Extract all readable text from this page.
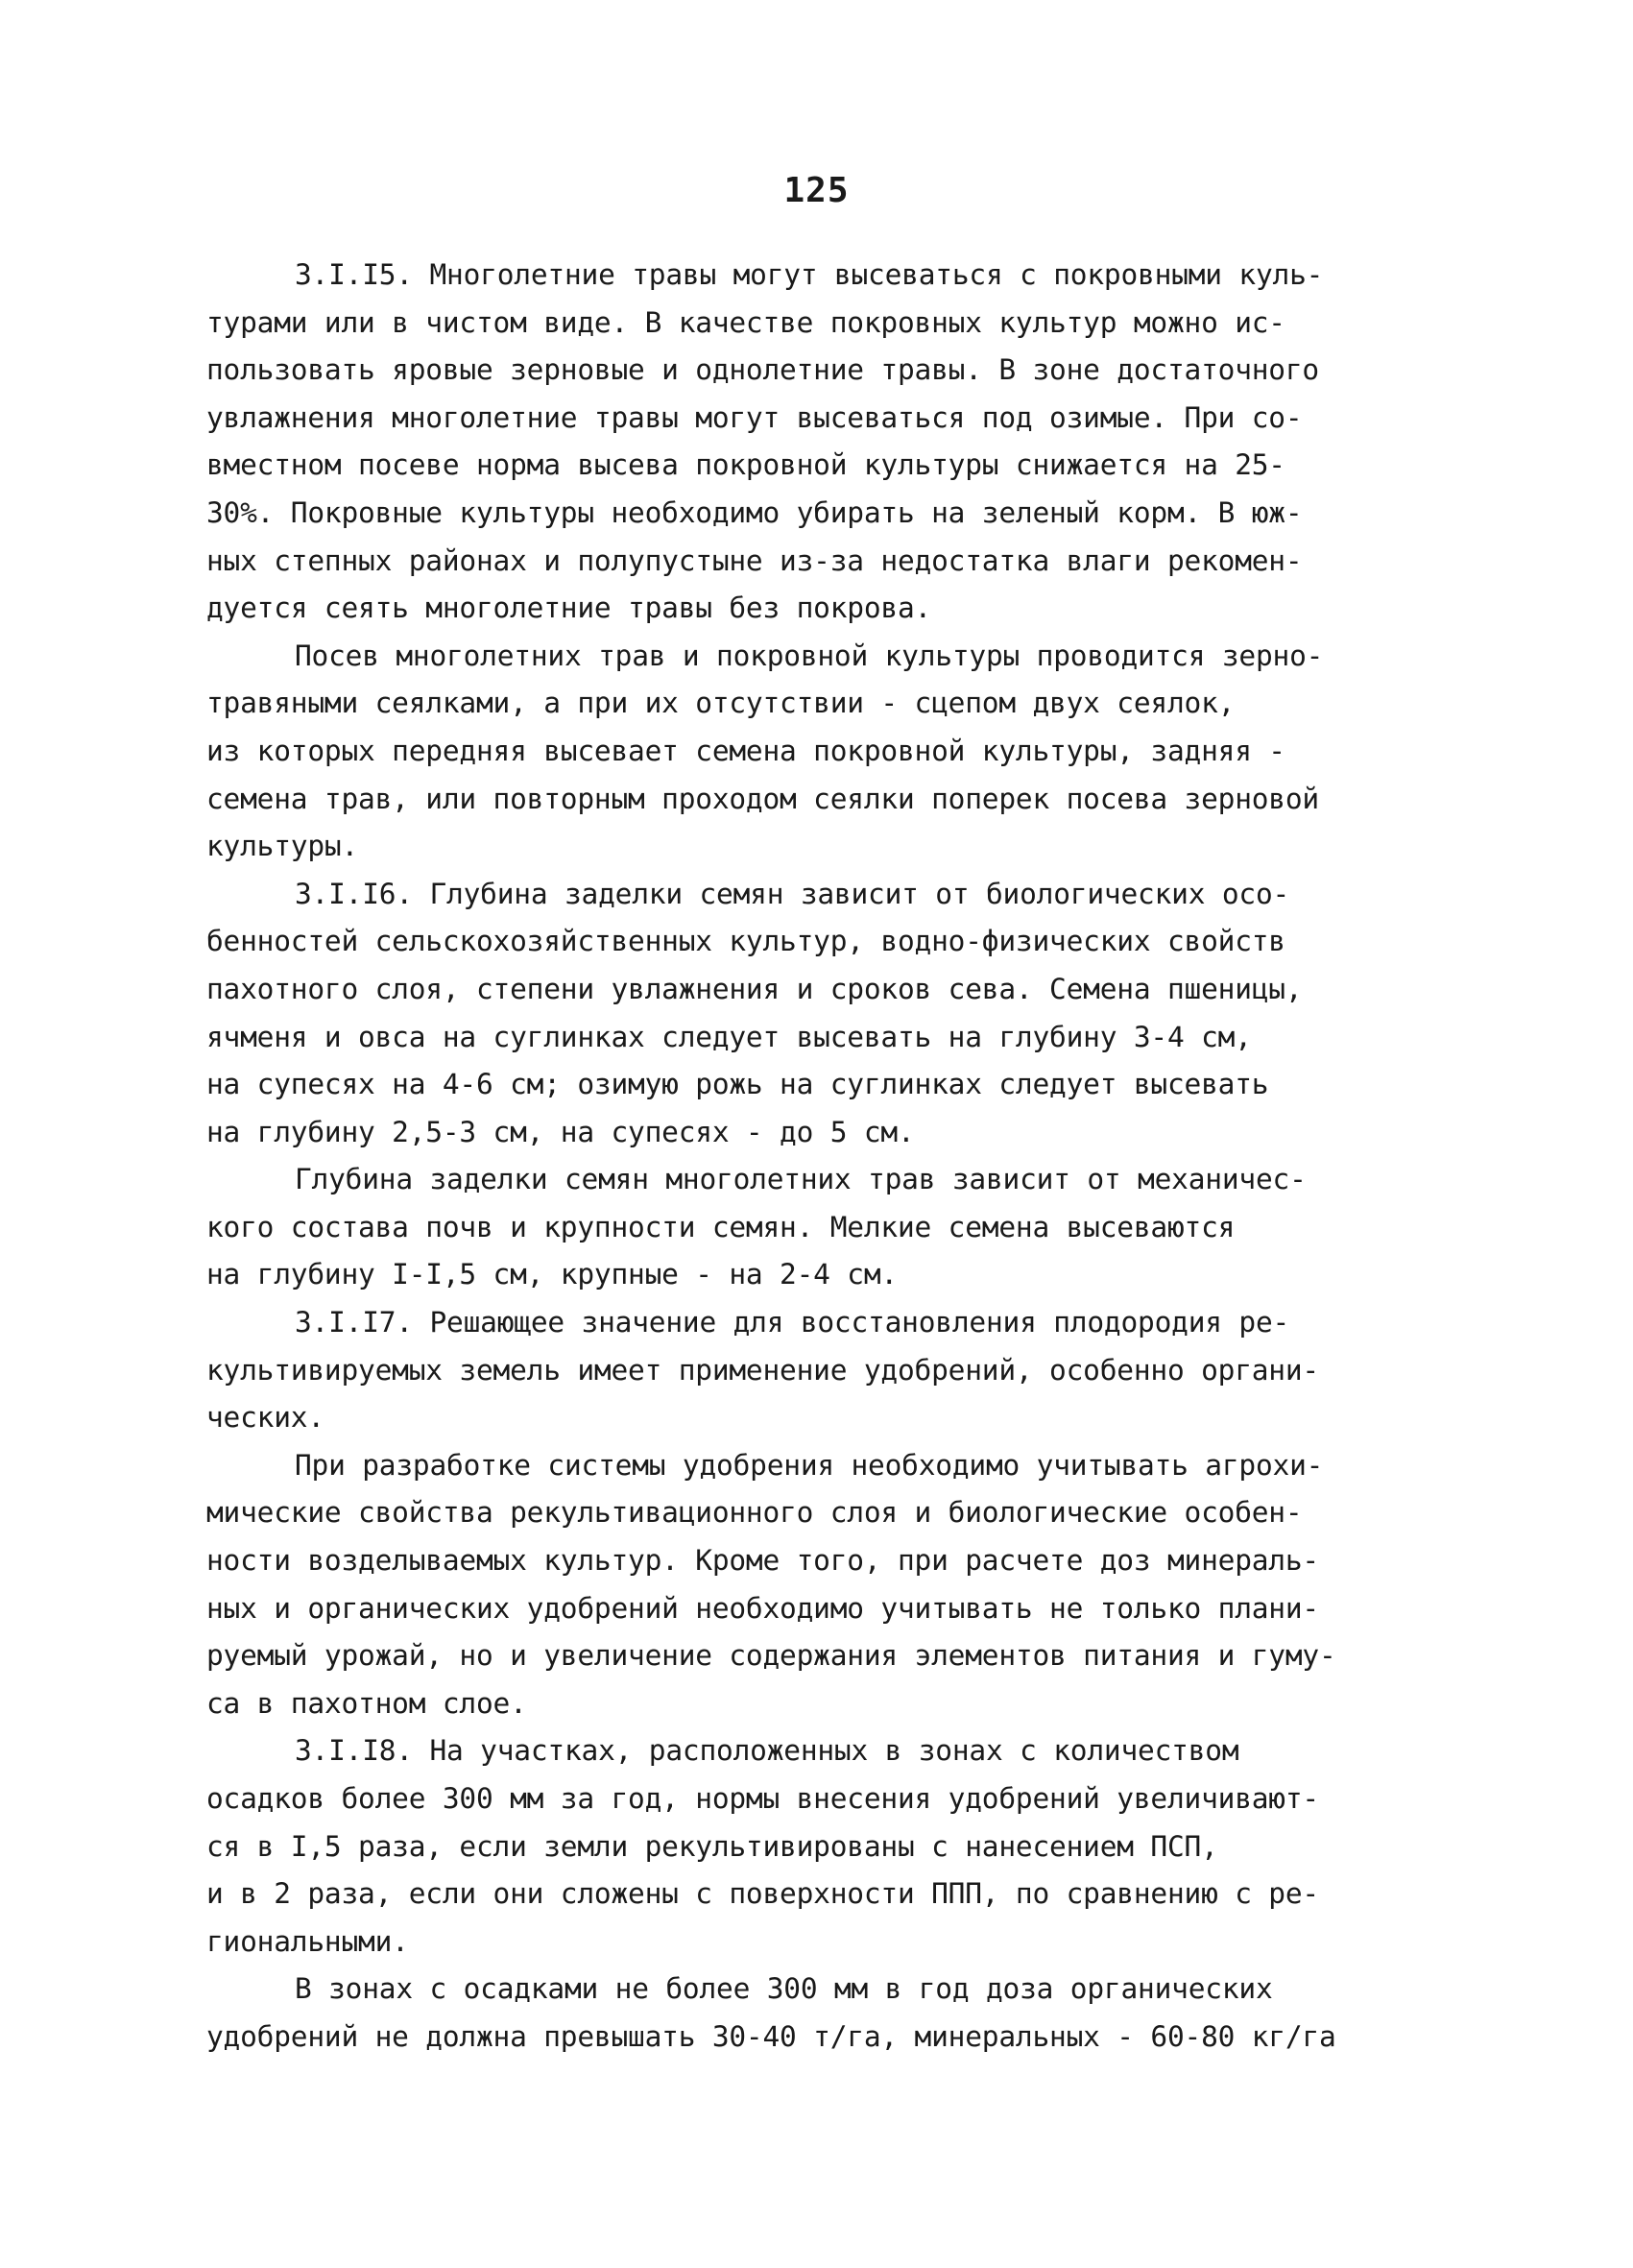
125
3.I.I5. Многолетние травы могут высеваться с покровными куль-
турами или в чистом виде. В качестве покровных культур можно ис-
пользовать яровые зерновые и однолетние травы. В зоне достаточного
увлажнения многолетние травы могут высеваться под озимые. При со-
вместном посеве норма высева покровной культуры снижается на 25-
30%. Покровные культуры необходимо убирать на зеленый корм. В юж-
ных степных районах и полупустыне из-за недостатка влаги рекомен-
дуется сеять многолетние травы без покрова.
Посев многолетних трав и покровной культуры проводится зерно-
травяными сеялками, а при их отсутствии - сцепом двух сеялок,
из которых передняя высевает семена покровной культуры, задняя -
семена трав, или повторным проходом сеялки поперек посева зерновой
культуры.
3.I.I6. Глубина заделки семян зависит от биологических осо-
бенностей сельскохозяйственных культур, водно-физических свойств
пахотного слоя, степени увлажнения и сроков сева. Семена пшеницы,
ячменя и овса на суглинках следует высевать на глубину 3-4 см,
на супесях на 4-6 см; озимую рожь на суглинках следует высевать
на глубину 2,5-3 см, на супесях - до 5 см.
Глубина заделки семян многолетних трав зависит от механичес-
кого состава почв и крупности семян. Мелкие семена высеваются
на глубину I-I,5 см, крупные - на 2-4 см.
3.I.I7. Решающее значение для восстановления плодородия ре-
культивируемых земель имеет применение удобрений, особенно органи-
ческих.
При разработке системы удобрения необходимо учитывать агрохи-
мические свойства рекультивационного слоя и биологические особен-
ности возделываемых культур. Кроме того, при расчете доз минераль-
ных и органических удобрений необходимо учитывать не только плани-
руемый урожай, но и увеличение содержания элементов питания и гуму-
са в пахотном слое.
3.I.I8. На участках, расположенных в зонах с количеством
осадков более 300 мм за год, нормы внесения удобрений увеличивают-
ся в I,5 раза, если земли рекультивированы с нанесением ПСП,
и в 2 раза, если они сложены с поверхности ППП, по сравнению с ре-
гиональными.
В зонах с осадками не более 300 мм в год доза органических
удобрений не должна превышать 30-40 т/га, минеральных - 60-80 кг/га
